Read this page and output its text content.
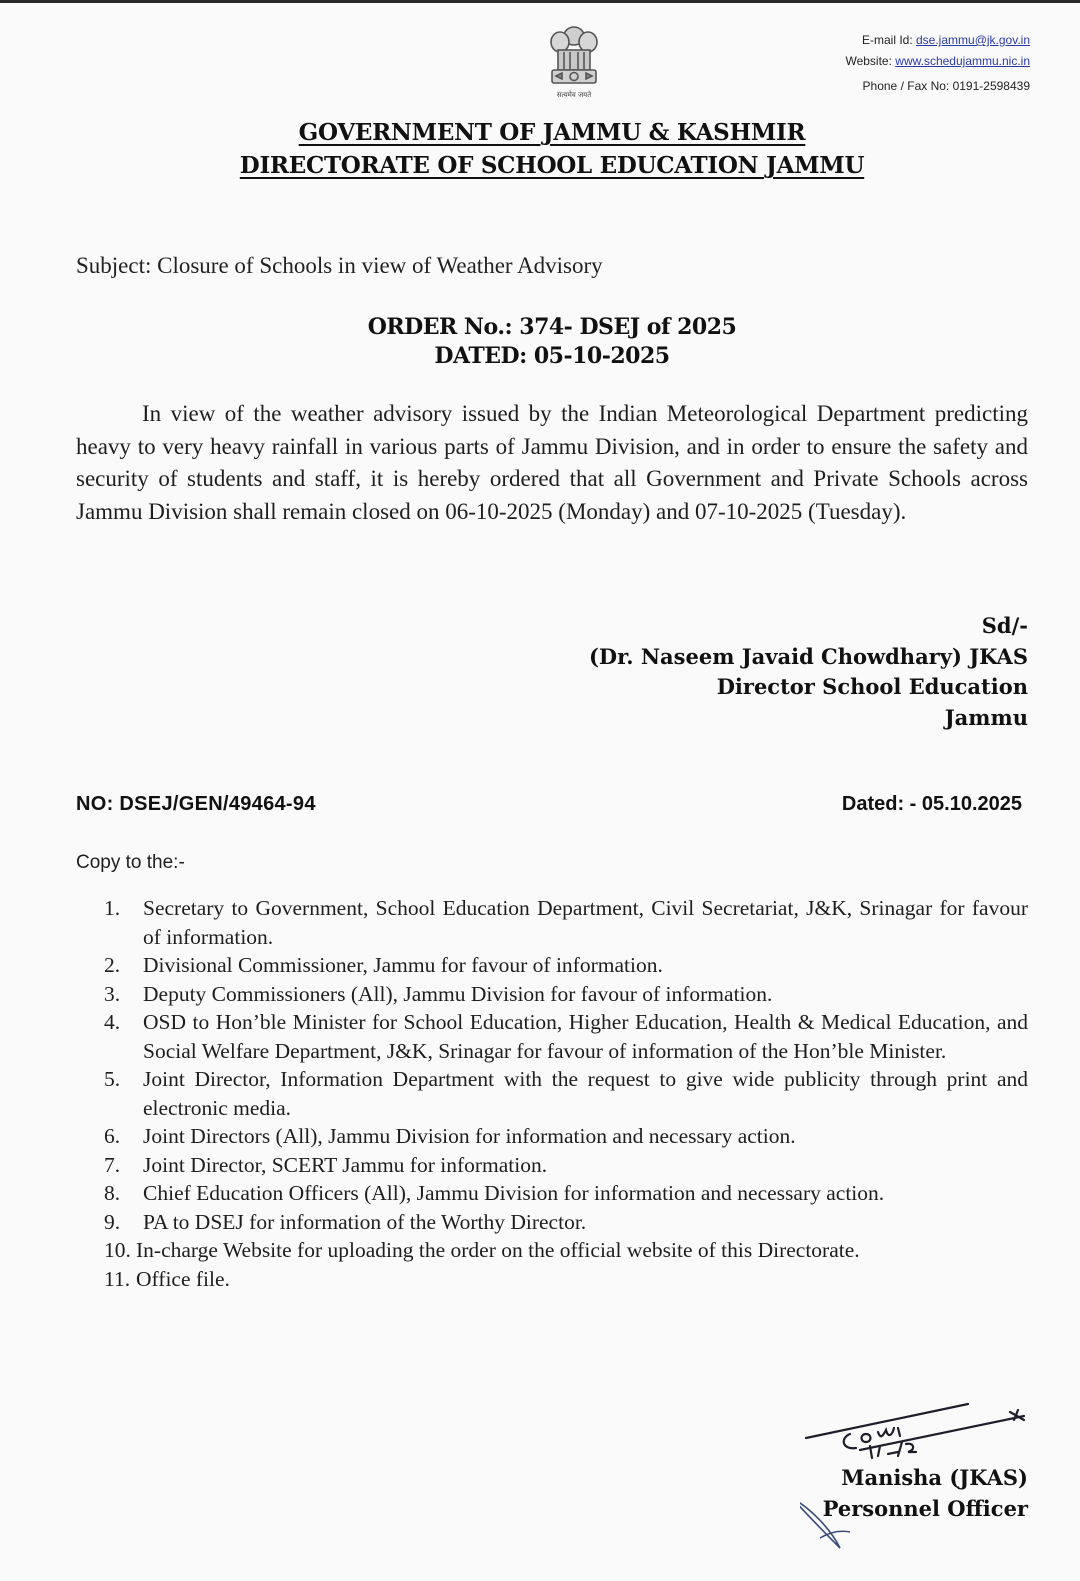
सत्यमेव जयते
E-mail Id: dse.jammu@jk.gov.in
Website: www.schedujammu.nic.in
Phone / Fax No: 0191-2598439
GOVERNMENT OF JAMMU & KASHMIR
DIRECTORATE OF SCHOOL EDUCATION JAMMU
Subject: Closure of Schools in view of Weather Advisory
ORDER No.: 374- DSEJ of 2025
DATED: 05-10-2025
In view of the weather advisory issued by the Indian Meteorological Department predicting heavy to very heavy rainfall in various parts of Jammu Division, and in order to ensure the safety and security of students and staff, it is hereby ordered that all Government and Private Schools across Jammu Division shall remain closed on 06-10-2025 (Monday) and 07-10-2025 (Tuesday).
Sd/-
(Dr. Naseem Javaid Chowdhary) JKAS
Director School Education
Jammu
NO: DSEJ/GEN/49464-94	Dated: - 05.10.2025
Copy to the:-
1. Secretary to Government, School Education Department, Civil Secretariat, J&K, Srinagar for favour of information.
2. Divisional Commissioner, Jammu for favour of information.
3. Deputy Commissioners (All), Jammu Division for favour of information.
4. OSD to Hon’ble Minister for School Education, Higher Education, Health & Medical Education, and Social Welfare Department, J&K, Srinagar for favour of information of the Hon’ble Minister.
5. Joint Director, Information Department with the request to give wide publicity through print and electronic media.
6. Joint Directors (All), Jammu Division for information and necessary action.
7. Joint Director, SCERT Jammu for information.
8. Chief Education Officers (All), Jammu Division for information and necessary action.
9. PA to DSEJ for information of the Worthy Director.
10. In-charge Website for uploading the order on the official website of this Directorate.
11. Office file.
Manisha (JKAS)
Personnel Officer
